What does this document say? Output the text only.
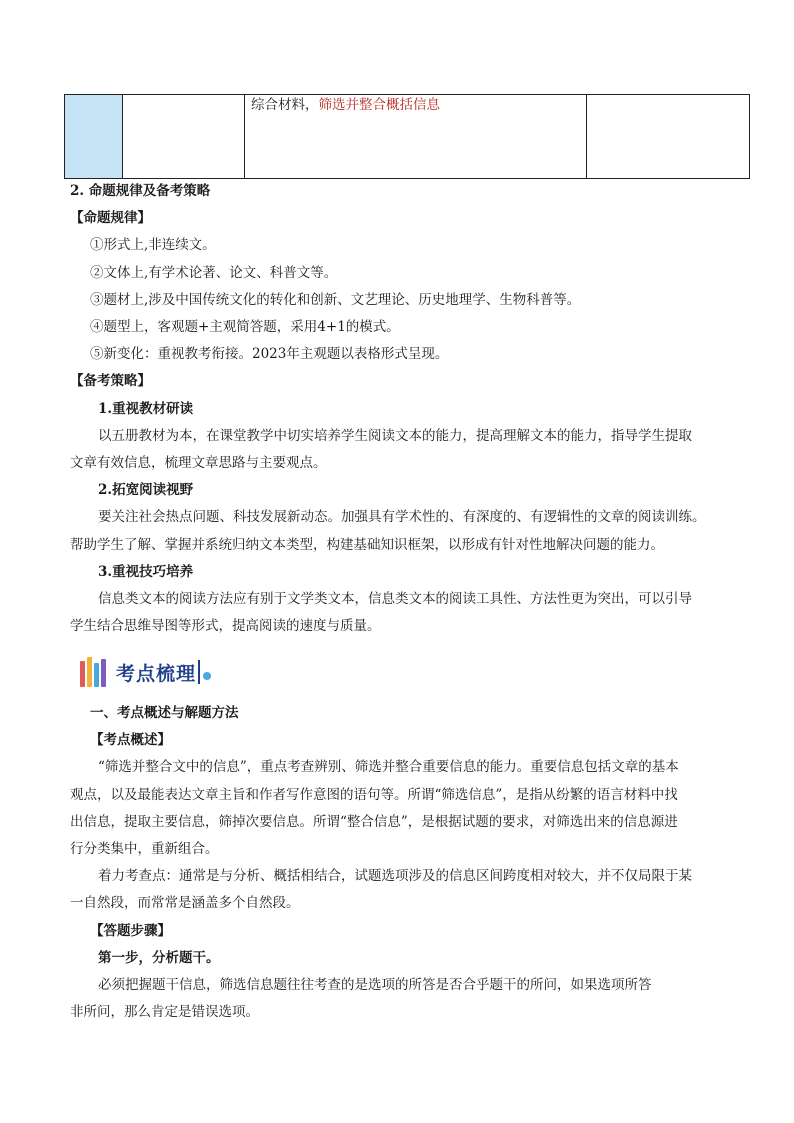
综合材料，筛选并整合概括信息
2. 命题规律及备考策略
【命题规律】
①形式上,非连续文。
②文体上,有学术论著、论文、科普文等。
③题材上,涉及中国传统文化的转化和创新、文艺理论、历史地理学、生物科普等。
④题型上，客观题+主观简答题，采用4+1的模式。
⑤新变化：重视教考衔接。2023年主观题以表格形式呈现。
【备考策略】
1.重视教材研读
以五册教材为本，在课堂教学中切实培养学生阅读文本的能力，提高理解文本的能力，指导学生提取
文章有效信息，梳理文章思路与主要观点。
2.拓宽阅读视野
要关注社会热点问题、科技发展新动态。加强具有学术性的、有深度的、有逻辑性的文章的阅读训练。
帮助学生了解、掌握并系统归纳文本类型，构建基础知识框架，以形成有针对性地解决问题的能力。
3.重视技巧培养
信息类文本的阅读方法应有别于文学类文本，信息类文本的阅读工具性、方法性更为突出，可以引导
学生结合思维导图等形式，提高阅读的速度与质量。
考点梳理
一、考点概述与解题方法
【考点概述】
“筛选并整合文中的信息”，重点考查辨别、筛选并整合重要信息的能力。重要信息包括文章的基本
观点，以及最能表达文章主旨和作者写作意图的语句等。所谓“筛选信息”，是指从纷繁的语言材料中找
出信息，提取主要信息，筛掉次要信息。所谓“整合信息”，是根据试题的要求，对筛选出来的信息源进
行分类集中，重新组合。
着力考查点：通常是与分析、概括相结合，试题选项涉及的信息区间跨度相对较大，并不仅局限于某
一自然段，而常常是涵盖多个自然段。
【答题步骤】
第一步，分析题干。
必须把握题干信息，筛选信息题往往考查的是选项的所答是否合乎题干的所问，如果选项所答
非所问，那么肯定是错误选项。
